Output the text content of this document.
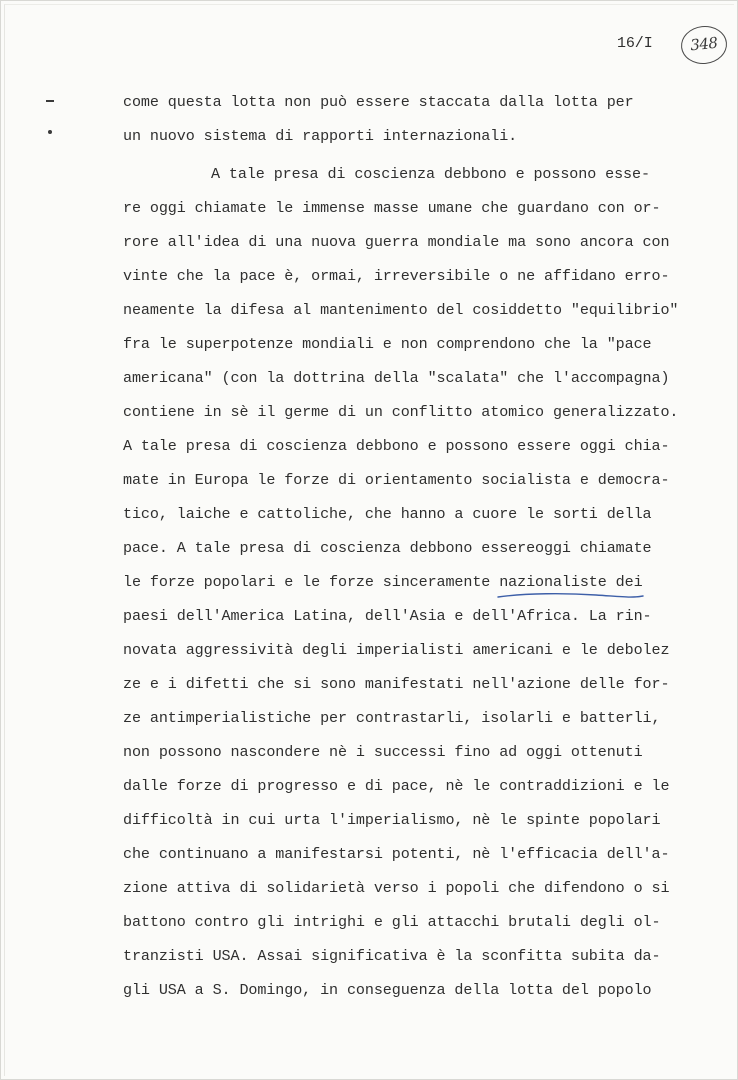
16/I	348
come questa lotta non può essere staccata dalla lotta per
un nuovo sistema di rapporti internazionali.
A tale presa di coscienza debbono e possono esse-
re oggi chiamate le immense masse umane che guardano con or-
rore all'idea di una nuova guerra mondiale ma sono ancora con
vinte che la pace è, ormai, irreversibile o ne affidano erro-
neamente la difesa al mantenimento del cosiddetto "equilibrio"
fra le superpotenze mondiali e non comprendono che la "pace
americana" (con la dottrina della "scalata" che l'accompagna)
contiene in sè il germe di un conflitto atomico generalizzato.
A tale presa di coscienza debbono e possono essere oggi chia-
mate in Europa le forze di orientamento socialista e democra-
tico, laiche e cattoliche, che hanno a cuore le sorti della
pace. A tale presa di coscienza debbono essereoggi chiamate
le forze popolari e le forze sinceramente nazionaliste dei
paesi dell'America Latina, dell'Asia e dell'Africa. La rin-
novata aggressività degli imperialisti americani e le debolez
ze e i difetti che si sono manifestati nell'azione delle for-
ze antimperialistiche per contrastarli, isolarli e batterli,
non possono nascondere nè i successi fino ad oggi ottenuti
dalle forze di progresso e di pace, nè le contraddizioni e le
difficoltà in cui urta l'imperialismo, nè le spinte popolari
che continuano a manifestarsi potenti, nè l'efficacia dell'a-
zione attiva di solidarietà verso i popoli che difendono o si
battono contro gli intrighi e gli attacchi brutali degli ol-
tranzisti USA. Assai significativa è la sconfitta subita da-
gli USA a S. Domingo, in conseguenza della lotta del popolo
